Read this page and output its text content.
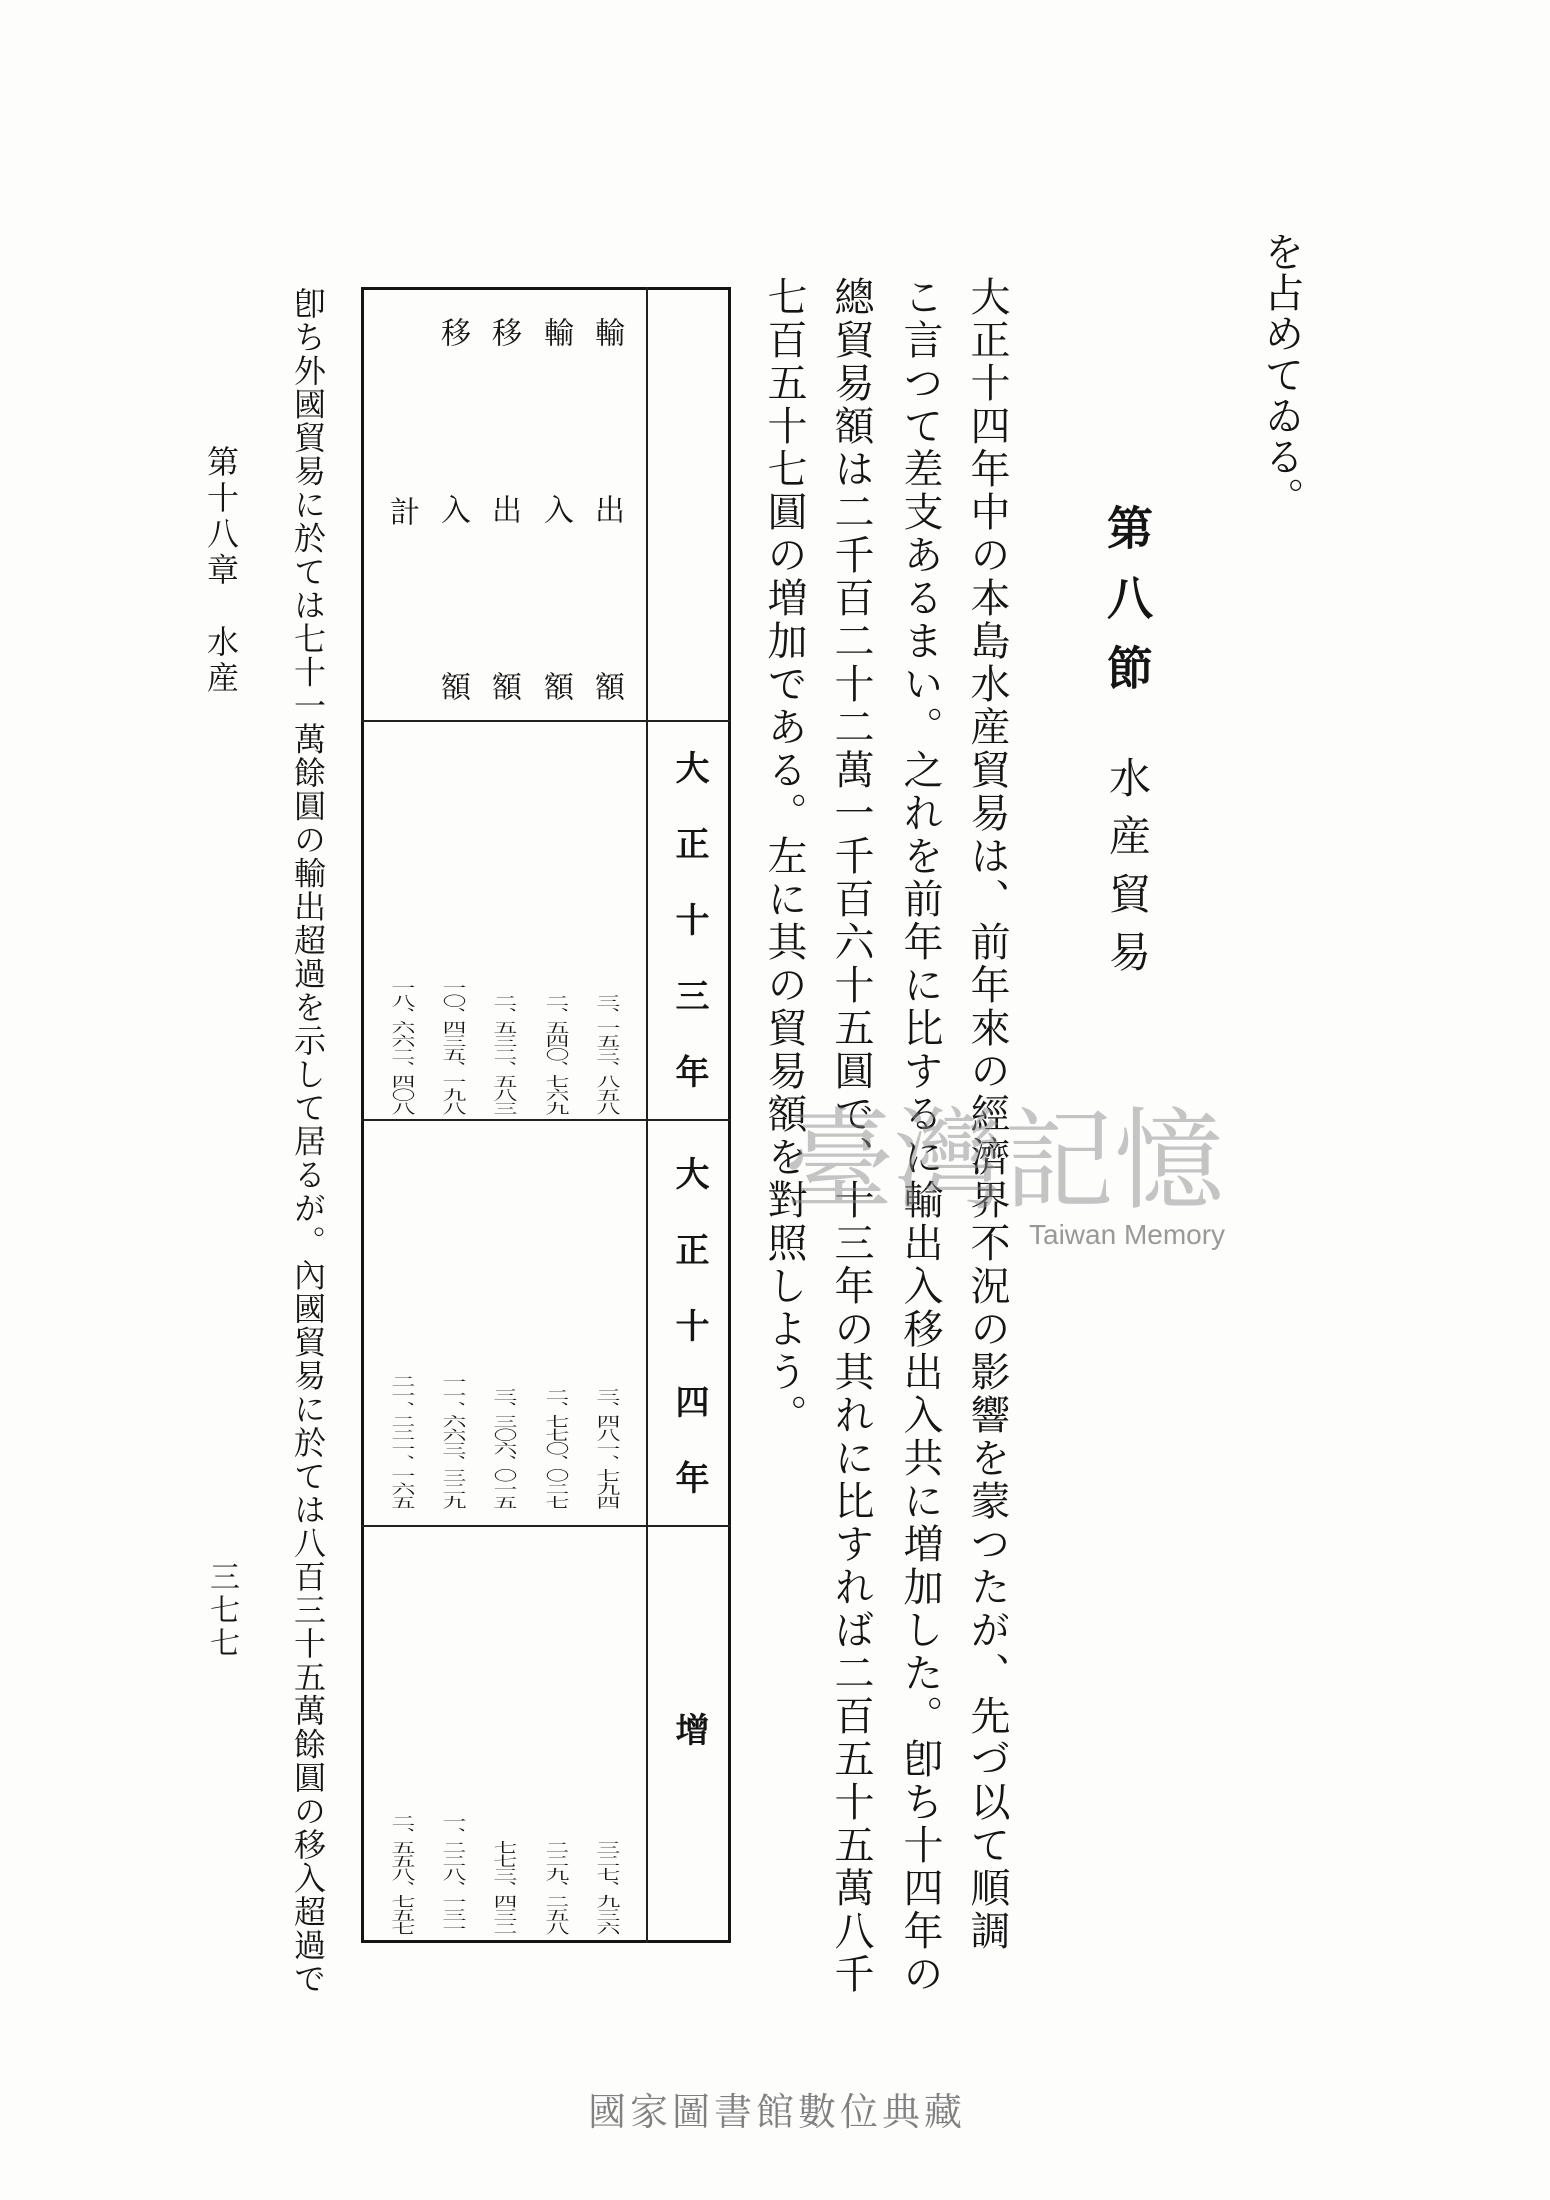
を占めてゐる。
第八節
水産貿易
大正十四年中の本島水産貿易は、前年來の經濟界不況の影響を蒙つたが、先づ以て順調
こ言つて差支あるまい。之れを前年に比するに輸出入移出入共に増加した。卽ち十四年の
總貿易額は二千百二十二萬一千百六十五圓で、十三年の其れに比すれば二百五十五萬八千
七百五十七圓の増加である。左に其の貿易額を對照しよう。
大正十三年
大正十四年
增
輸出額
輸入額
移出額
移入額
計
三、一五三、八五八
二、五四〇、七六九
二、五三二、五八三
一〇、四三五、一九八
一八、六六二、四〇八
三、四八一、七九四
二、七七〇、〇二七
三、三〇六、〇一五
一一、六六三、三二九
二一、二二一、一六五
三二七、九三六
二二九、二五八
七七三、四三二
一、二二八、一三一
二、五五八、七五七
卽ち外國貿易に於ては七十一萬餘圓の輸出超過を示して居るが。內國貿易に於ては八百三十五萬餘圓の移入超過で
第十八章　水産
三七七
臺灣記憶
Taiwan Memory
國家圖書館數位典藏
